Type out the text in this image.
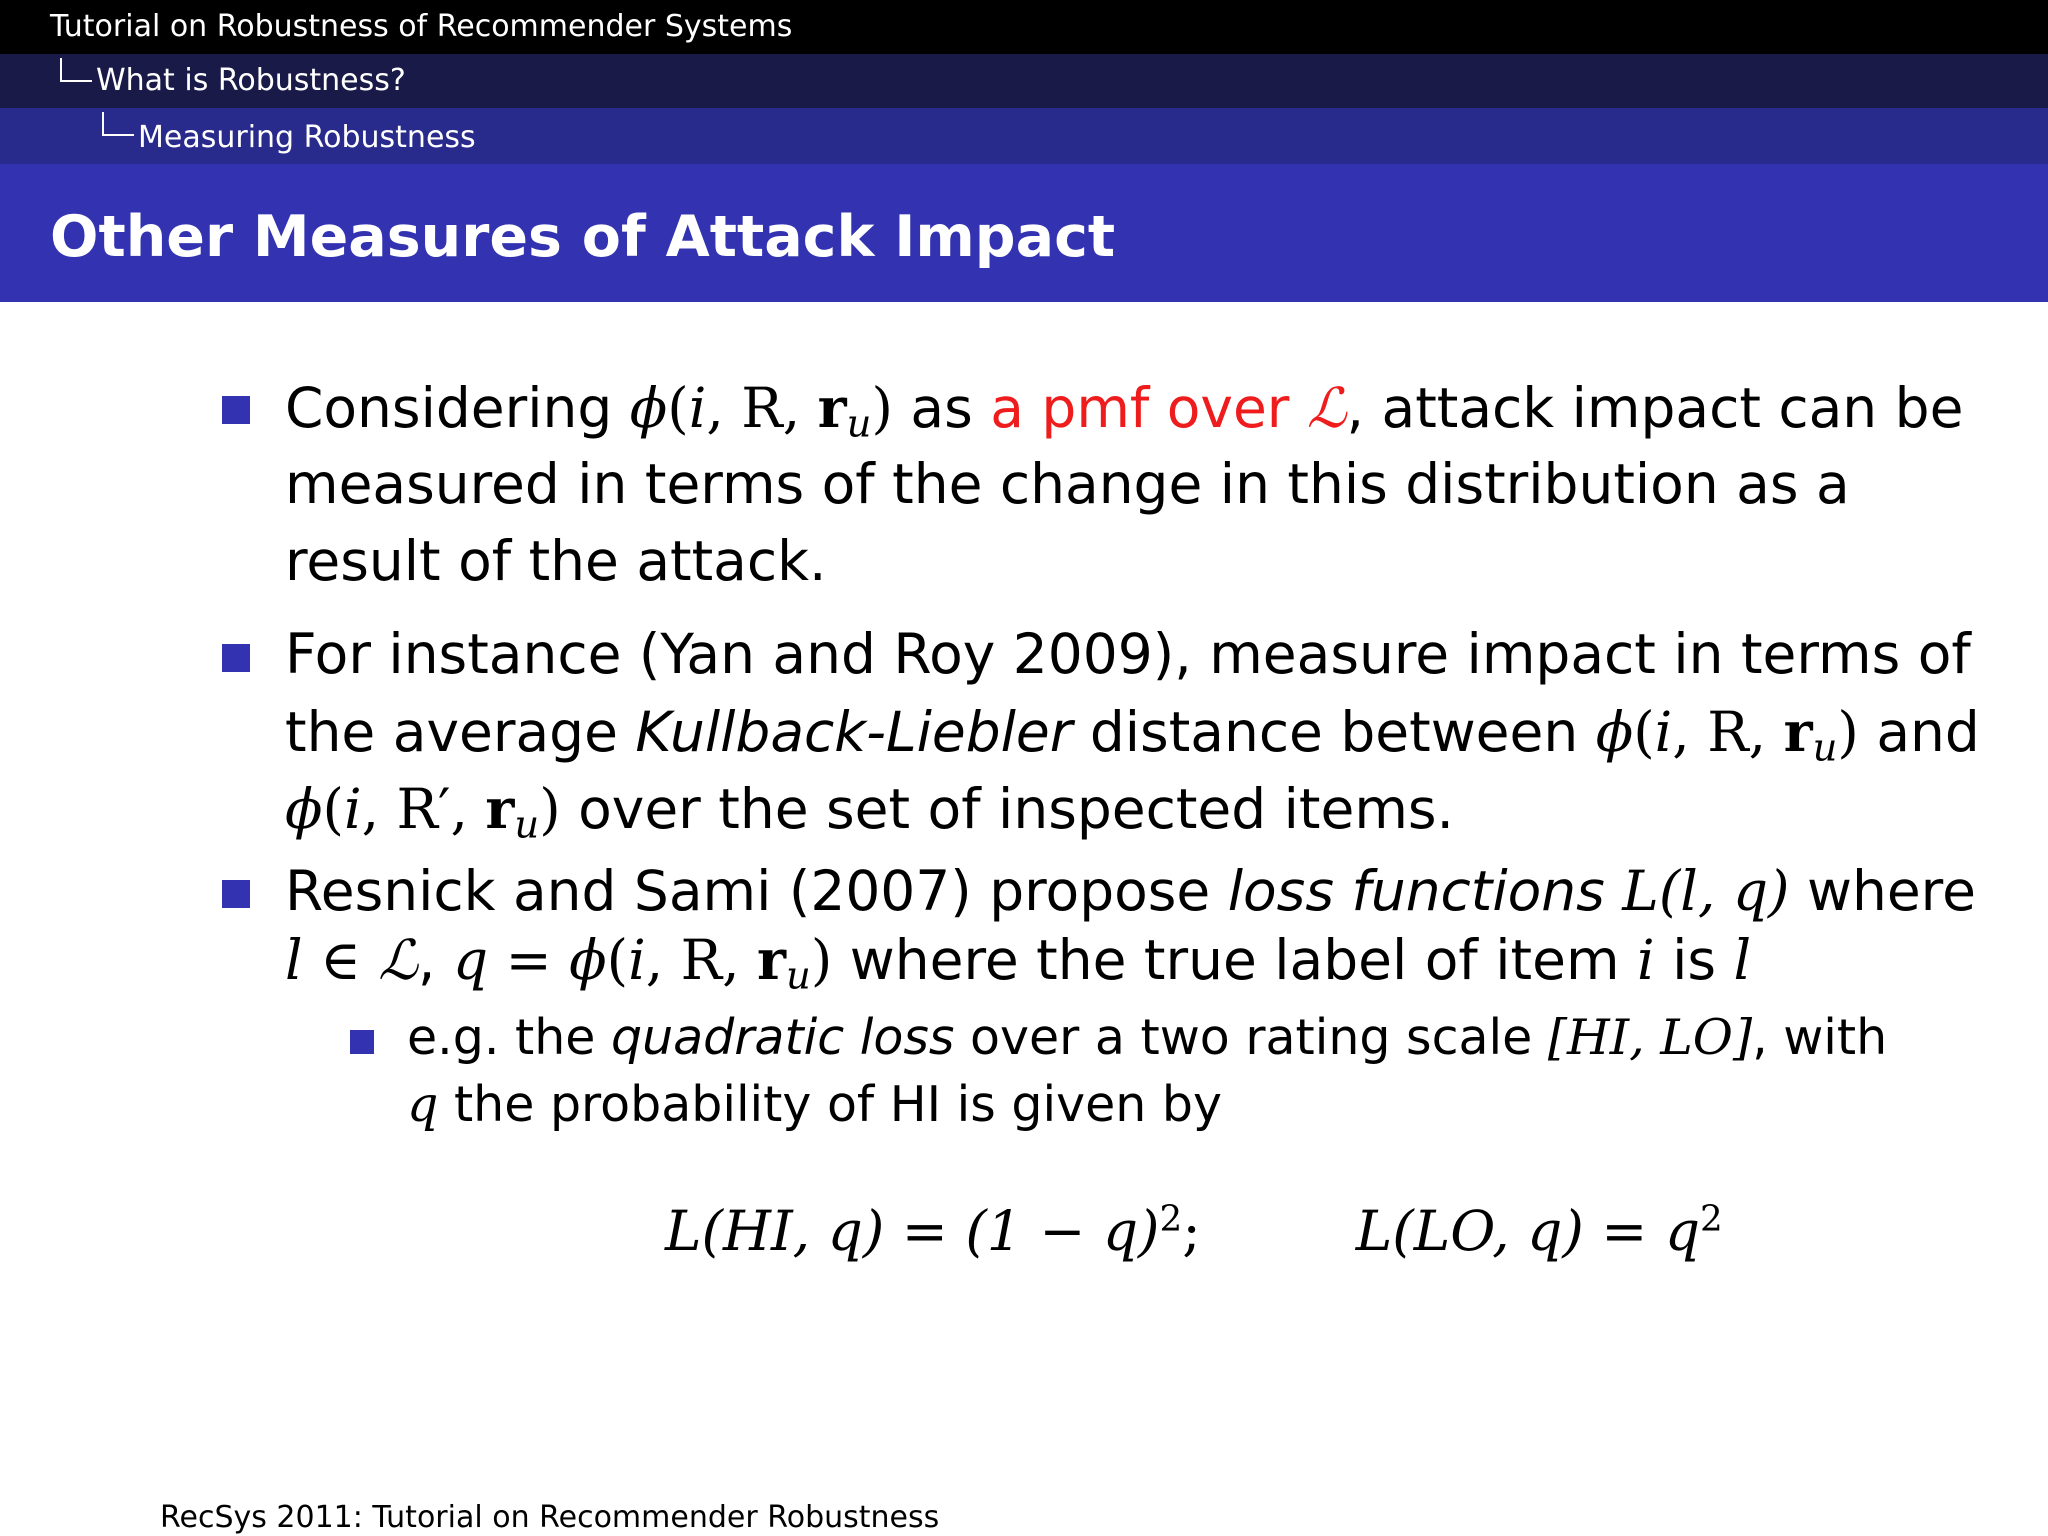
Tutorial on Robustness of Recommender Systems
What is Robustness?
Measuring Robustness
Other Measures of Attack Impact
Considering ϕ(i, R, $r_u$) as a pmf over ℒ, attack impact can be
measured in terms of the change in this distribution as a
result of the attack.
For instance (Yan and Roy 2009), measure impact in terms of
the average Kullback-Liebler distance between ϕ(i, R, $r_u$) and
ϕ(i, R′, $r_u$) over the set of inspected items.
Resnick and Sami (2007) propose loss functions L(l, q) where
l ∈ ℒ, q = ϕ(i, R, $r_u$) where the true label of item i is l
e.g. the quadratic loss over a two rating scale [HI, LO], with
q the probability of HI is given by
L(HI, $q) = (1 - q)^2$;	L(LO, $q) = q^2$
RecSys 2011: Tutorial on Recommender Robustness
